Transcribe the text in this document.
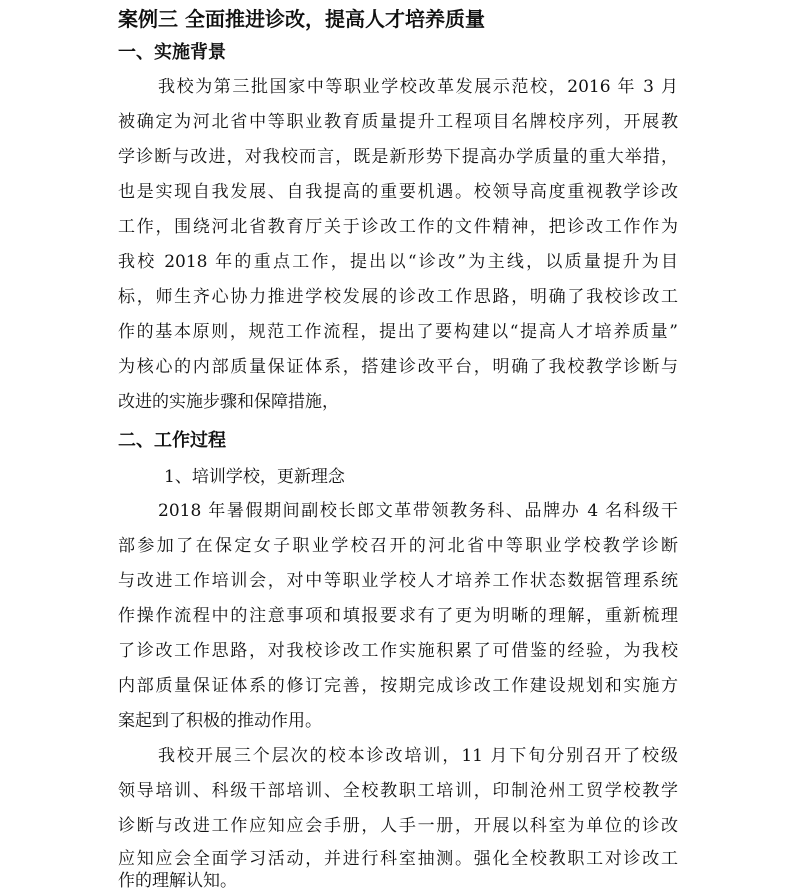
案例三 全面推进诊改，提高人才培养质量
一、实施背景
我校为第三批国家中等职业学校改革发展示范校，2016 年 3 月
被确定为河北省中等职业教育质量提升工程项目名牌校序列，开展教
学诊断与改进，对我校而言，既是新形势下提高办学质量的重大举措，
也是实现自我发展、自我提高的重要机遇。校领导高度重视教学诊改
工作，围绕河北省教育厅关于诊改工作的文件精神，把诊改工作作为
我校 2018 年的重点工作，提出以“诊改”为主线，以质量提升为目
标，师生齐心协力推进学校发展的诊改工作思路，明确了我校诊改工
作的基本原则，规范工作流程，提出了要构建以“提高人才培养质量”
为核心的内部质量保证体系，搭建诊改平台，明确了我校教学诊断与
改进的实施步骤和保障措施，
二、工作过程
1、培训学校，更新理念
2018 年暑假期间副校长郎文革带领教务科、品牌办 4 名科级干
部参加了在保定女子职业学校召开的河北省中等职业学校教学诊断
与改进工作培训会，对中等职业学校人才培养工作状态数据管理系统
作操作流程中的注意事项和填报要求有了更为明晰的理解，重新梳理
了诊改工作思路，对我校诊改工作实施积累了可借鉴的经验，为我校
内部质量保证体系的修订完善，按期完成诊改工作建设规划和实施方
案起到了积极的推动作用。
我校开展三个层次的校本诊改培训，11 月下旬分别召开了校级
领导培训、科级干部培训、全校教职工培训，印制沧州工贸学校教学
诊断与改进工作应知应会手册，人手一册，开展以科室为单位的诊改
应知应会全面学习活动，并进行科室抽测。强化全校教职工对诊改工
作的理解认知。
